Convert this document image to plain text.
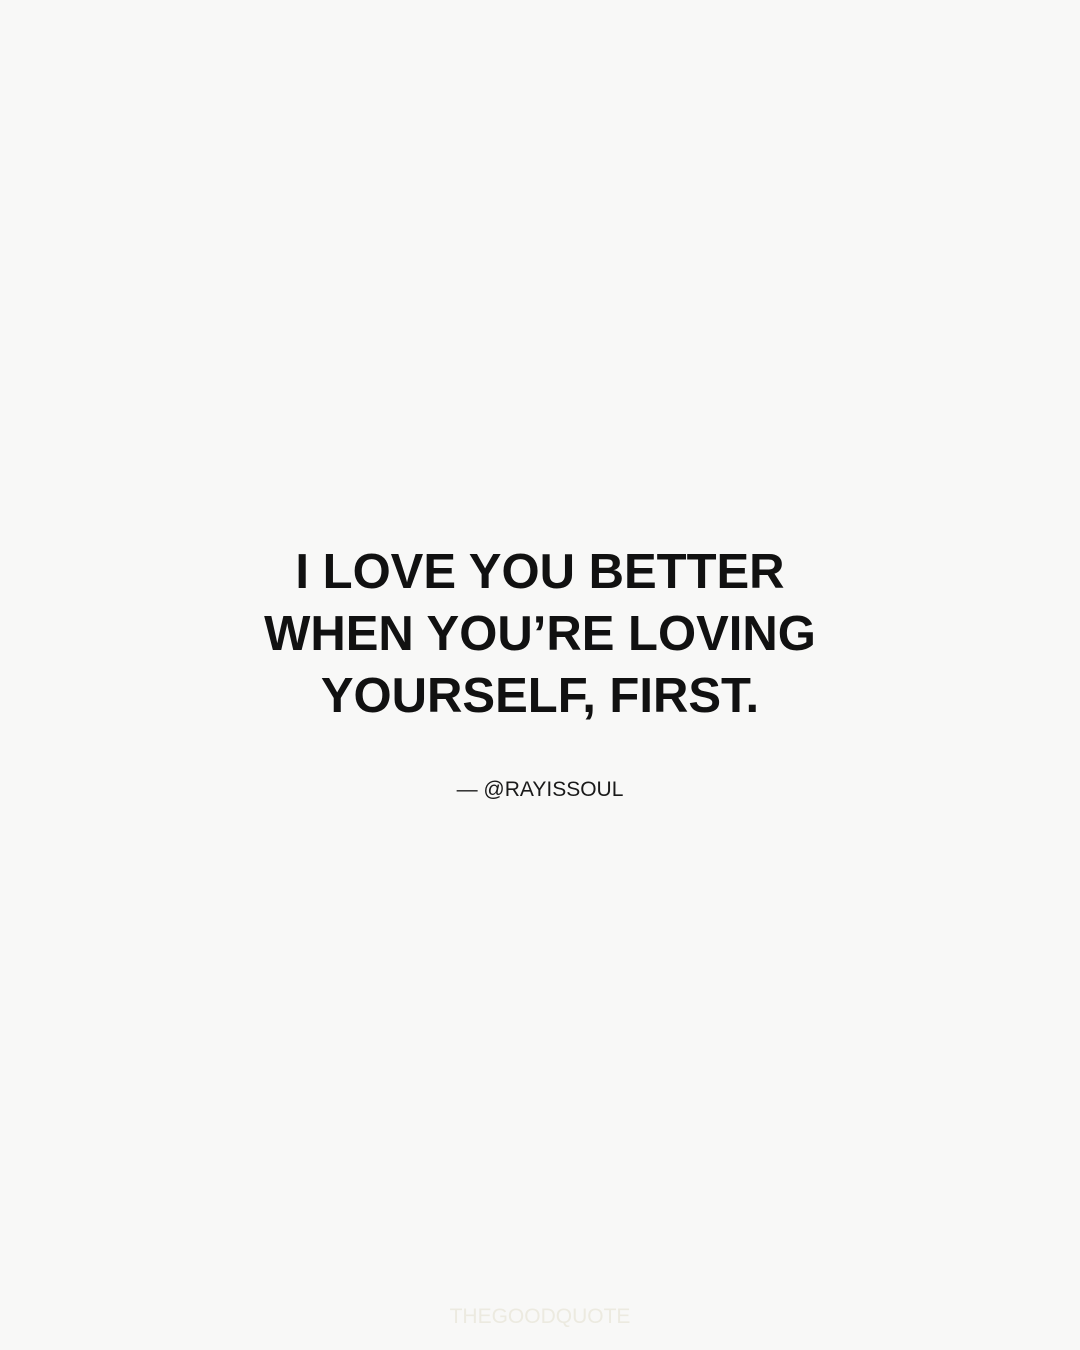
I LOVE YOU BETTER
WHEN YOU’RE LOVING
YOURSELF, FIRST.
— @RAYISSOUL
THEGOODQUOTE
